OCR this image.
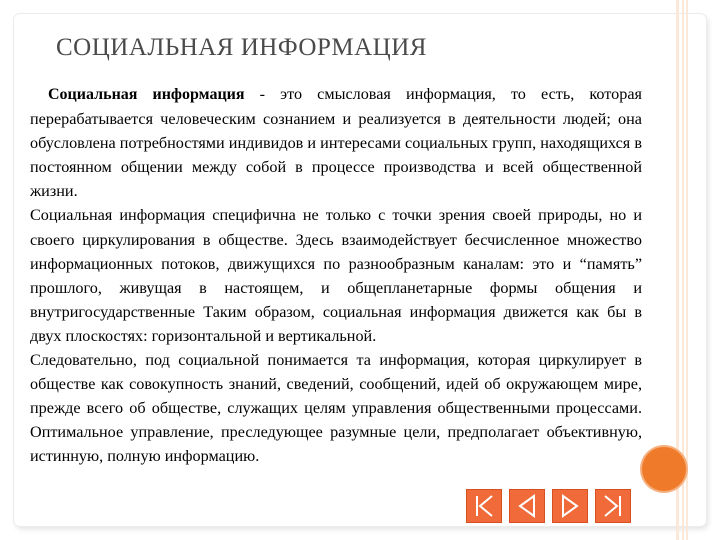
СОЦИАЛЬНАЯ ИНФОРМАЦИЯ

Социальная информация - это смысловая информация, то есть, которая перерабатывается человеческим сознанием и реализуется в деятельности людей; она обусловлена потребностями индивидов и интересами социальных групп, находящихся в постоянном общении между собой в процессе производства и всей общественной жизни.

Социальная информация специфична не только с точки зрения своей природы, но и своего циркулирования в обществе. Здесь взаимодействует бесчисленное множество информационных потоков, движущихся по разнообразным каналам: это и “память” прошлого, живущая в настоящем, и общепланетарные формы общения и внутригосударственные Таким образом, социальная информация движется как бы в двух плоскостях: горизонтальной и вертикальной.

Следовательно, под социальной понимается та информация, которая циркулирует в обществе как совокупность знаний, сведений, сообщений, идей об окружающем мире, прежде всего об обществе, служащих целям управления общественными процессами. Оптимальное управление, преследующее разумные цели, предполагает объективную, истинную, полную информацию.
